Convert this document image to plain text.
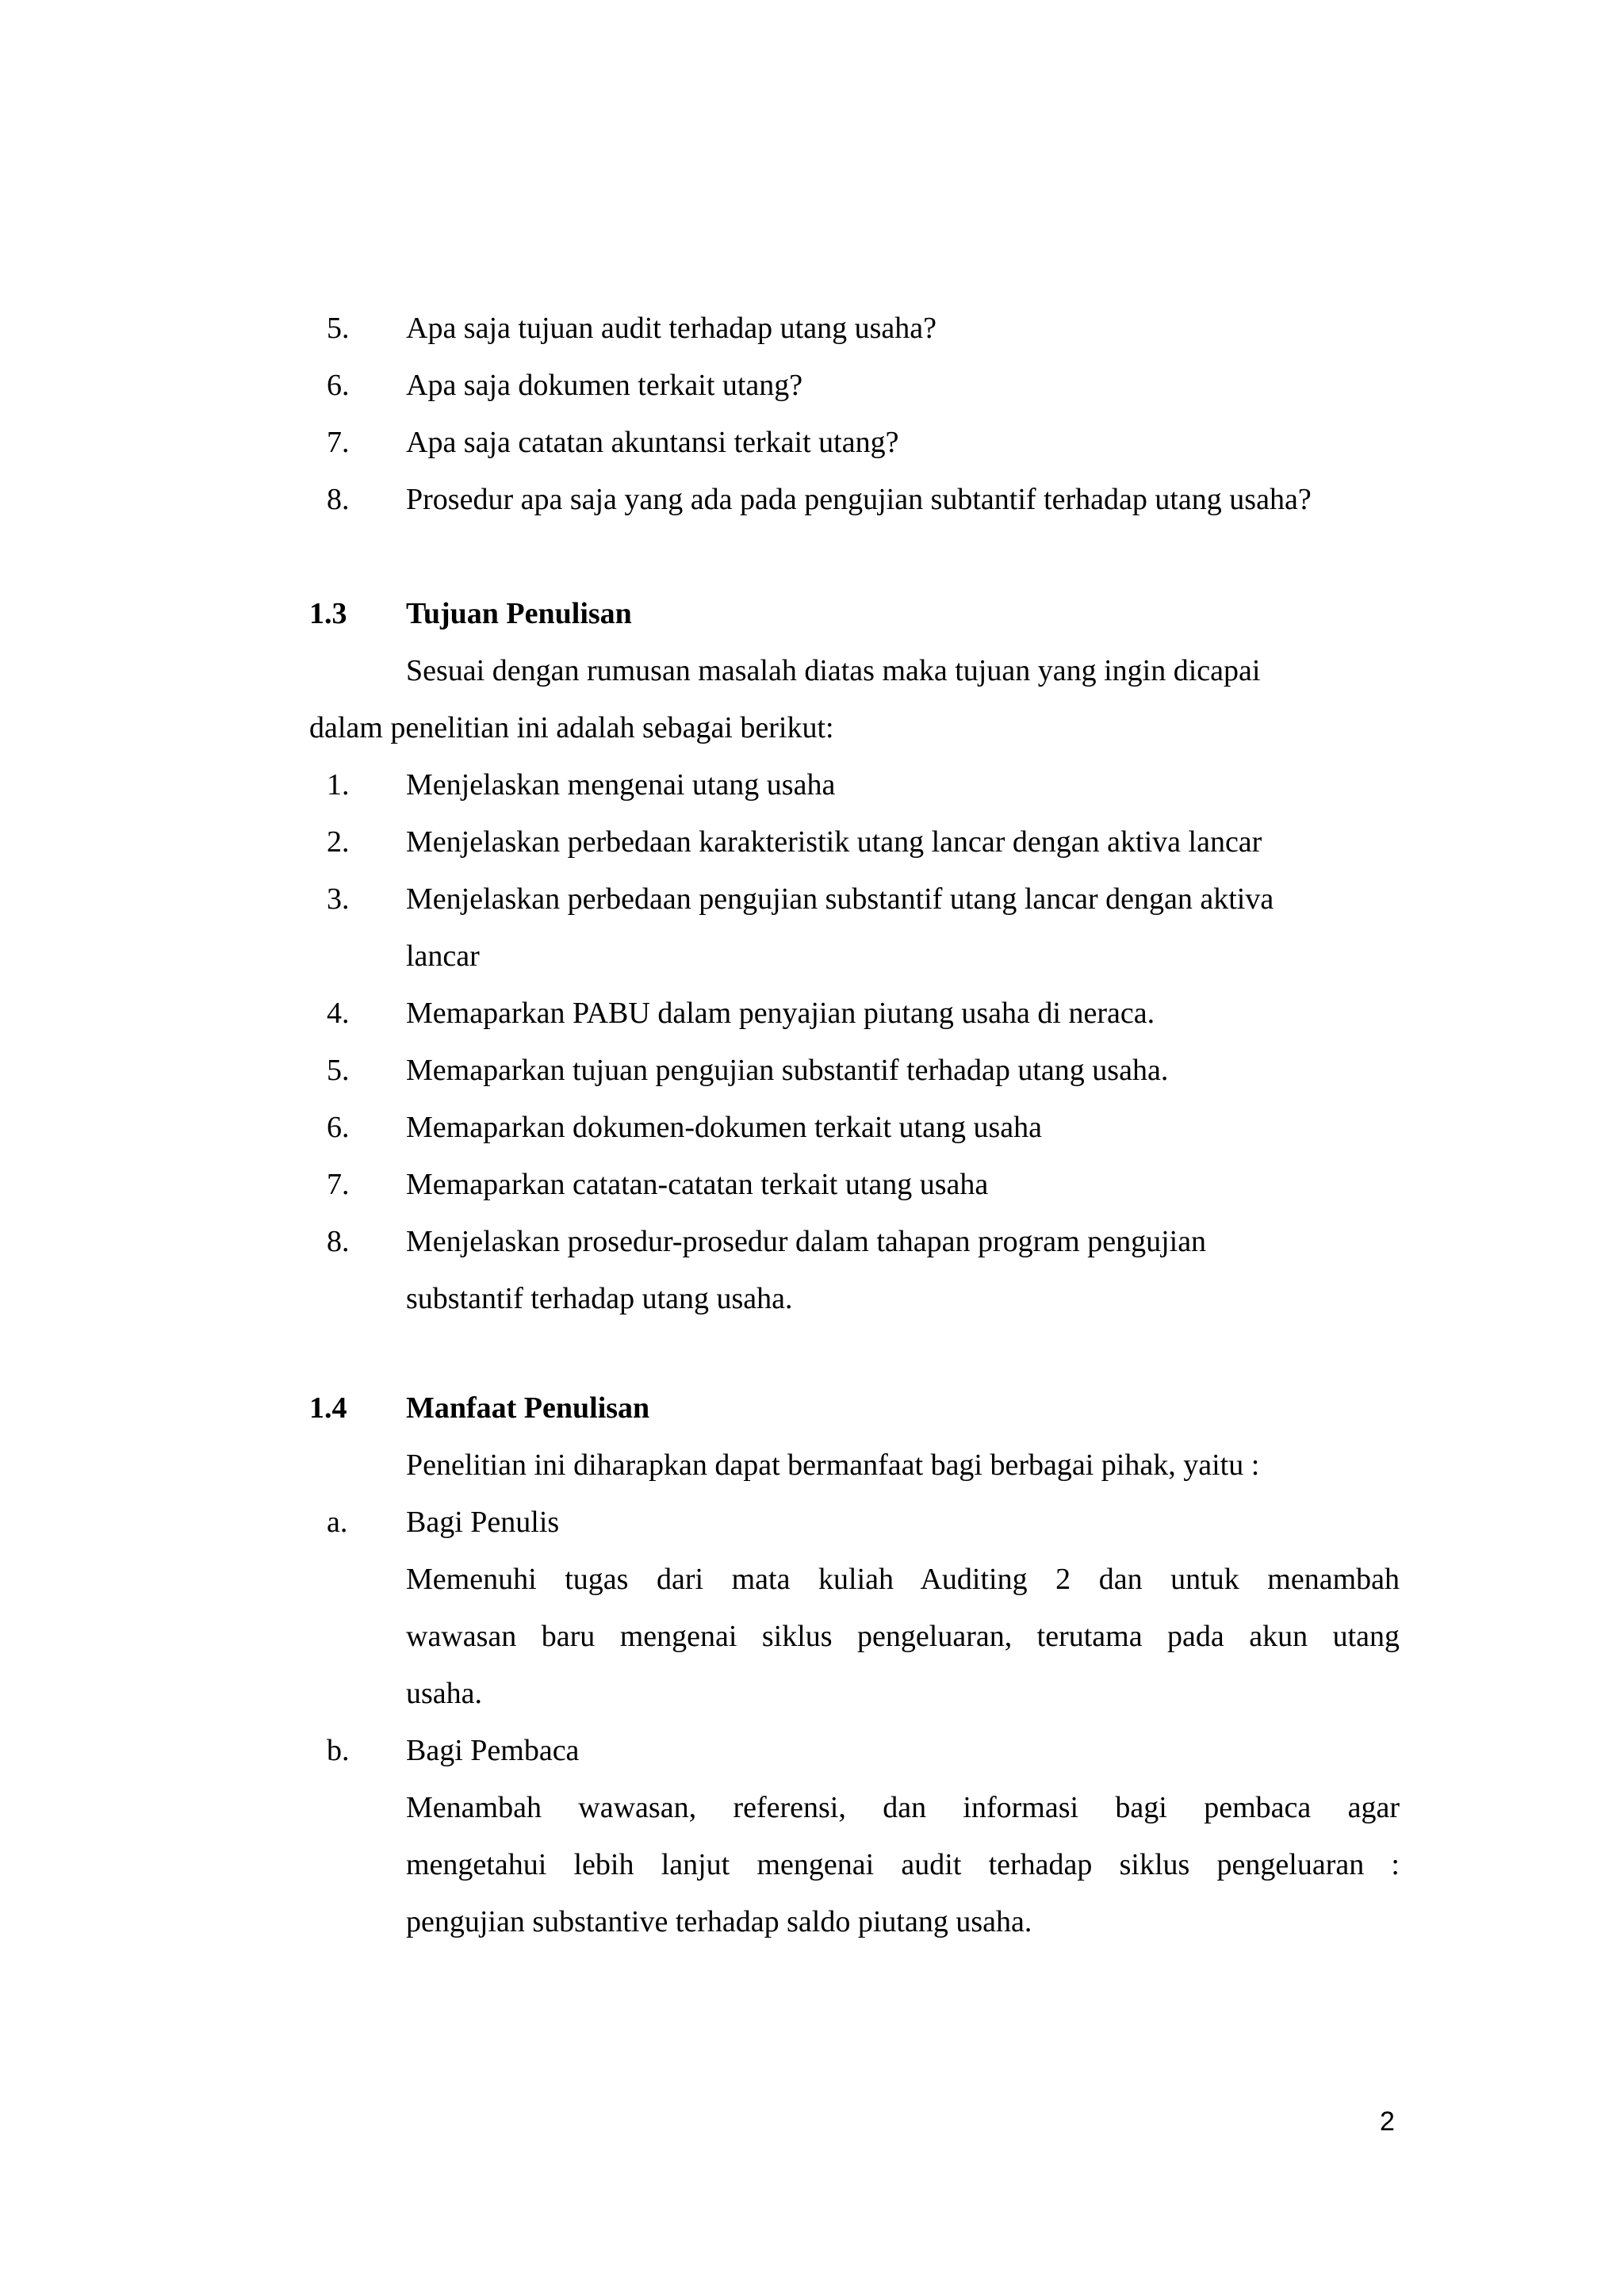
5.	Apa saja tujuan audit terhadap utang usaha?
6.	Apa saja dokumen terkait utang?
7.	Apa saja catatan akuntansi terkait utang?
8.	Prosedur apa saja yang ada pada pengujian subtantif terhadap utang usaha?
1.3 Tujuan Penulisan
Sesuai dengan rumusan masalah diatas maka tujuan yang ingin dicapai
dalam penelitian ini adalah sebagai berikut:
1.	Menjelaskan mengenai utang usaha
2.	Menjelaskan perbedaan karakteristik utang lancar dengan aktiva lancar
3.	Menjelaskan perbedaan pengujian substantif utang lancar dengan aktiva
lancar
4.	Memaparkan PABU dalam penyajian piutang usaha di neraca.
5.	Memaparkan tujuan pengujian substantif terhadap utang usaha.
6.	Memaparkan dokumen-dokumen terkait utang usaha
7.	Memaparkan catatan-catatan terkait utang usaha
8.	Menjelaskan prosedur-prosedur dalam tahapan program pengujian
substantif terhadap utang usaha.
1.4 Manfaat Penulisan
Penelitian ini diharapkan dapat bermanfaat bagi berbagai pihak, yaitu :
a.	Bagi Penulis
Memenuhi tugas dari mata kuliah Auditing 2 dan untuk menambah
wawasan baru mengenai siklus pengeluaran, terutama pada akun utang
usaha.
b.	Bagi Pembaca
Menambah wawasan, referensi, dan informasi bagi pembaca agar
mengetahui lebih lanjut mengenai audit terhadap siklus pengeluaran :
pengujian substantive terhadap saldo piutang usaha.
2
